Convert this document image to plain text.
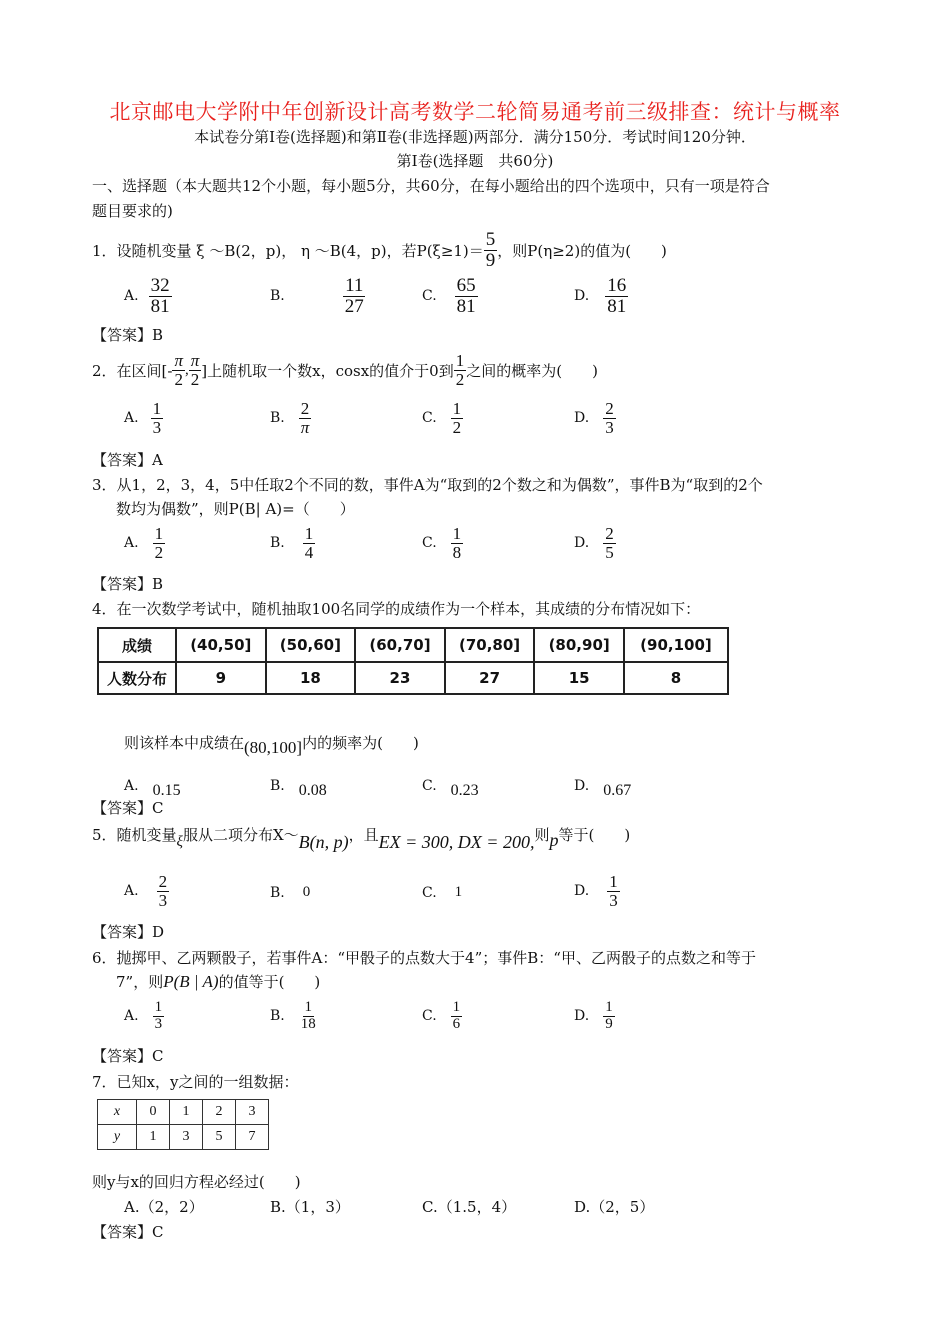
北京邮电大学附中年创新设计高考数学二轮简易通考前三级排查：统计与概率
本试卷分第Ⅰ卷(选择题)和第Ⅱ卷(非选择题)两部分．满分150分．考试时间120分钟．
第Ⅰ卷(选择题　共60分)
一、选择题（本大题共12个小题，每小题5分，共60分，在每小题给出的四个选项中，只有一项是符合
题目要求的)
1．设随机变量 ξ ～B(2，p)， η ～B(4，p)，若$P(\xi\ge 1)= \frac{5}{9}$ ，则P(η≥2)的值为(　　)
A. $\frac{32}{81}$	B.	$\frac{11}{27}$	C. $\frac{65}{81}$	D. $\frac{16}{81}$
【答案】B
2．在区间[- $\frac{\pi}{2}$ , $\frac{\pi}{2}$ ]上随机取一个数x，cosx的值介于0到 $\frac{1}{2}$ 之间的概率为(　　)
A. $\frac{1}{3}$	B. $\frac{2}{\pi}$	C. $\frac{1}{2}$	D. $\frac{2}{3}$
【答案】A
3．从1，2，3，4，5中任取2个不同的数，事件A为“取到的2个数之和为偶数”，事件B为“取到的2个
数均为偶数”，则P(B| A)=（　　）
A. $\frac{1}{2}$	B. $\frac{1}{4}$	C. $\frac{1}{8}$	D. $\frac{2}{5}$
【答案】B
4．在一次数学考试中，随机抽取100名同学的成绩作为一个样本，其成绩的分布情况如下：
成绩	(40,50]	(50,60]	(60,70]	(70,80]	(80,90]	(90,100]
人数分布	9	18	23	27	15	8
则该样本中成绩在 (80,100] 内的频率为(　　)
A. 0.15	B. 0.08	C. 0.23	D. 0.67
【答案】C
5．随机变量 ξ 服从二项分布X～ B(n, p) ，且 EX = 300, DX = 200, 则 p 等于(　　)
A. $\frac{2}{3}$	B. 0	C. 1	D. $\frac{1}{3}$
【答案】D
6．抛掷甲、乙两颗骰子，若事件A：“甲骰子的点数大于4”；事件B：“甲、乙两骰子的点数之和等于
7”，则P(B | A)的值等于(　　)
A. $\frac{1}{3}$	B. $\frac{1}{18}$	C. $\frac{1}{6}$	D. $\frac{1}{9}$
【答案】C
7．已知x，y之间的一组数据：
x	0	1	2	3
y	1	3	5	7
则y与x的回归方程必经过(　　)
A.（2，2）	B.（1，3）	C.（1.5，4）	D.（2，5）
【答案】C
